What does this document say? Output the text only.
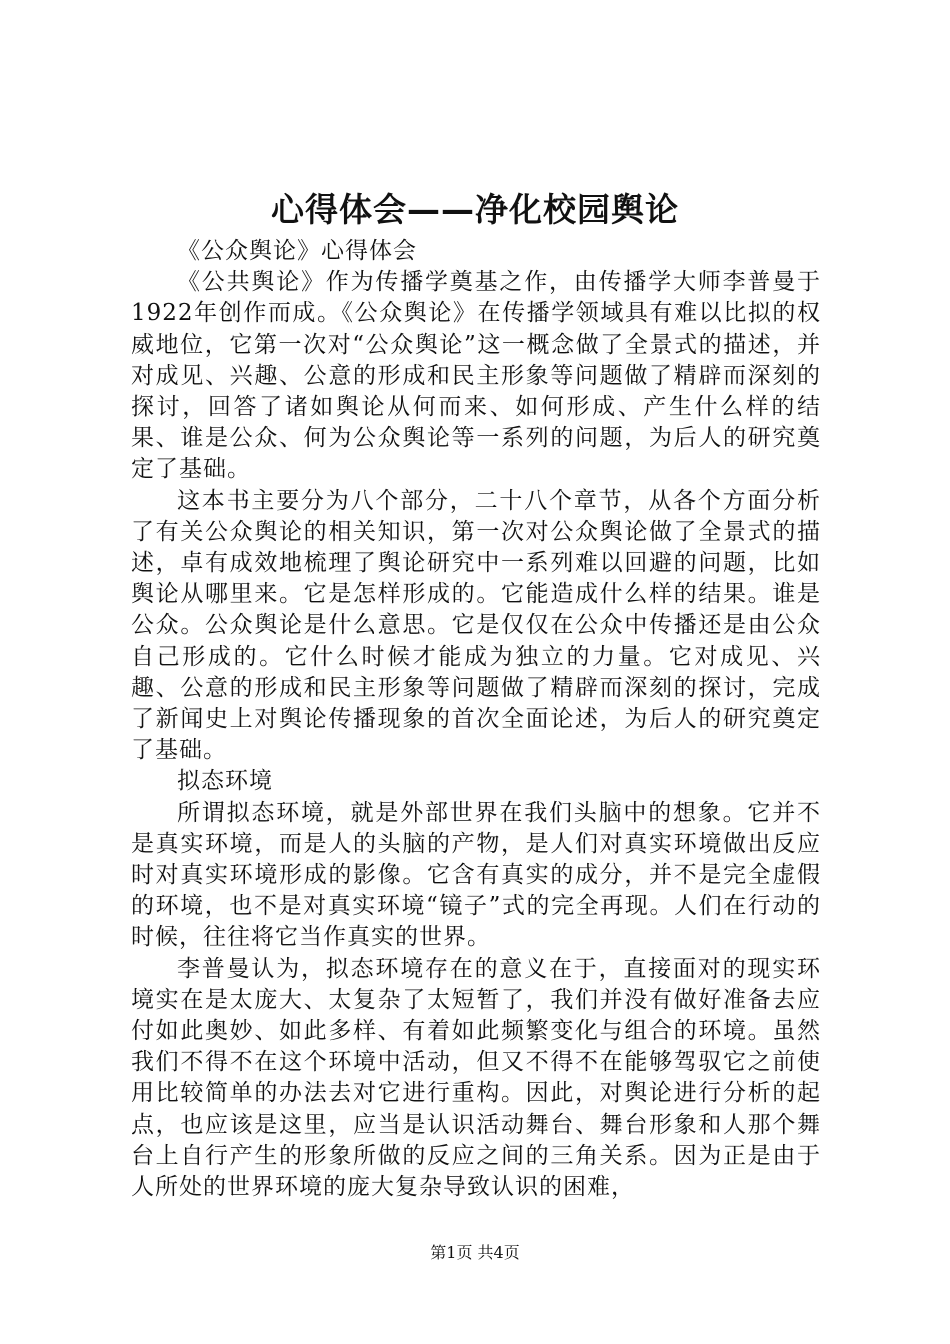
心得体会——净化校园舆论

《公众舆论》心得体会

《公共舆论》作为传播学奠基之作，由传播学大师李普曼于1922年创作而成。《公众舆论》在传播学领域具有难以比拟的权威地位，它第一次对“公众舆论”这一概念做了全景式的描述，并对成见、兴趣、公意的形成和民主形象等问题做了精辟而深刻的探讨，回答了诸如舆论从何而来、如何形成、产生什么样的结果、谁是公众、何为公众舆论等一系列的问题，为后人的研究奠定了基础。

这本书主要分为八个部分，二十八个章节，从各个方面分析了有关公众舆论的相关知识，第一次对公众舆论做了全景式的描述，卓有成效地梳理了舆论研究中一系列难以回避的问题，比如舆论从哪里来。它是怎样形成的。它能造成什么样的结果。谁是公众。公众舆论是什么意思。它是仅仅在公众中传播还是由公众自己形成的。它什么时候才能成为独立的力量。它对成见、兴趣、公意的形成和民主形象等问题做了精辟而深刻的探讨，完成了新闻史上对舆论传播现象的首次全面论述，为后人的研究奠定了基础。

拟态环境

所谓拟态环境，就是外部世界在我们头脑中的想象。它并不是真实环境，而是人的头脑的产物，是人们对真实环境做出反应时对真实环境形成的影像。它含有真实的成分，并不是完全虚假的环境，也不是对真实环境“镜子”式的完全再现。人们在行动的时候，往往将它当作真实的世界。

李普曼认为，拟态环境存在的意义在于，直接面对的现实环境实在是太庞大、太复杂了太短暂了，我们并没有做好准备去应付如此奥妙、如此多样、有着如此频繁变化与组合的环境。虽然我们不得不在这个环境中活动，但又不得不在能够驾驭它之前使用比较简单的办法去对它进行重构。因此，对舆论进行分析的起点，也应该是这里，应当是认识活动舞台、舞台形象和人那个舞台上自行产生的形象所做的反应之间的三角关系。因为正是由于人所处的世界环境的庞大复杂导致认识的困难，

第1页 共4页
